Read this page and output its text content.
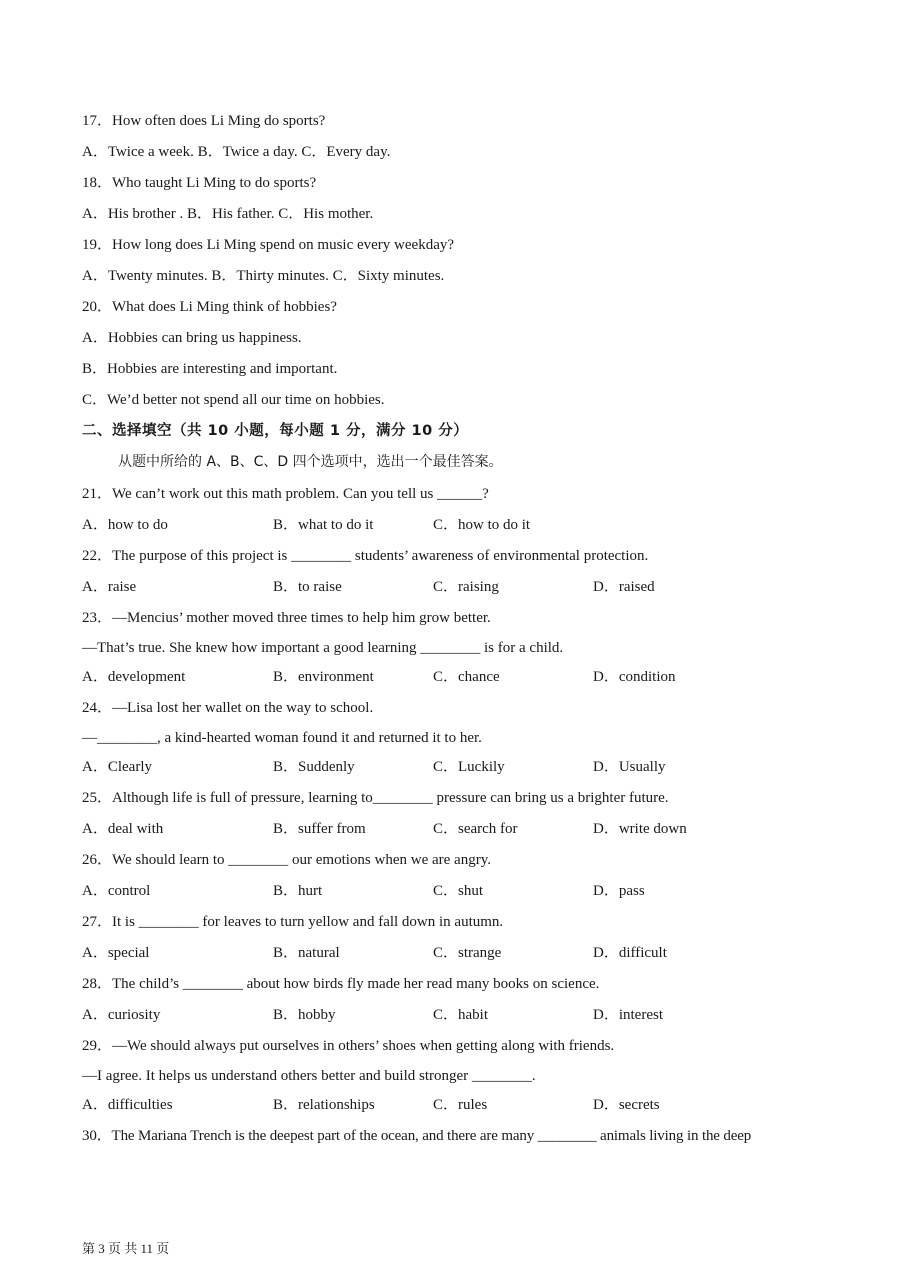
17．How often does Li Ming do sports?
A．Twice a week. B．Twice a day. C．Every day.
18．Who taught Li Ming to do sports?
A．His brother . B．His father. C．His mother.
19．How long does Li Ming spend on music every weekday?
A．Twenty minutes. B．Thirty minutes. C．Sixty minutes.
20．What does Li Ming think of hobbies?
A．Hobbies can bring us happiness.
B．Hobbies are interesting and important.
C．We’d better not spend all our time on hobbies.
二、选择填空（共 10 小题，每小题 1 分，满分 10 分）
从题中所给的 A、B、C、D 四个选项中，选出一个最佳答案。
21．We can’t work out this math problem. Can you tell us ______?
A．how to do	B．what to do it	C．how to do it
22．The purpose of this project is ________ students’ awareness of environmental protection.
A．raise	B．to raise	C．raising	D．raised
23．—Mencius’ mother moved three times to help him grow better.
—That’s true. She knew how important a good learning ________ is for a child.
A．development	B．environment	C．chance	D．condition
24．—Lisa lost her wallet on the way to school.
—________, a kind-hearted woman found it and returned it to her.
A．Clearly	B．Suddenly	C．Luckily	D．Usually
25．Although life is full of pressure, learning to________ pressure can bring us a brighter future.
A．deal with	B．suffer from	C．search for	D．write down
26．We should learn to ________ our emotions when we are angry.
A．control	B．hurt	C．shut	D．pass
27．It is ________ for leaves to turn yellow and fall down in autumn.
A．special	B．natural	C．strange	D．difficult
28．The child’s ________ about how birds fly made her read many books on science.
A．curiosity	B．hobby	C．habit	D．interest
29．—We should always put ourselves in others’ shoes when getting along with friends.
—I agree. It helps us understand others better and build stronger ________.
A．difficulties	B．relationships	C．rules	D．secrets
30．The Mariana Trench is the deepest part of the ocean, and there are many ________ animals living in the deep
第 3 页 共 11 页
